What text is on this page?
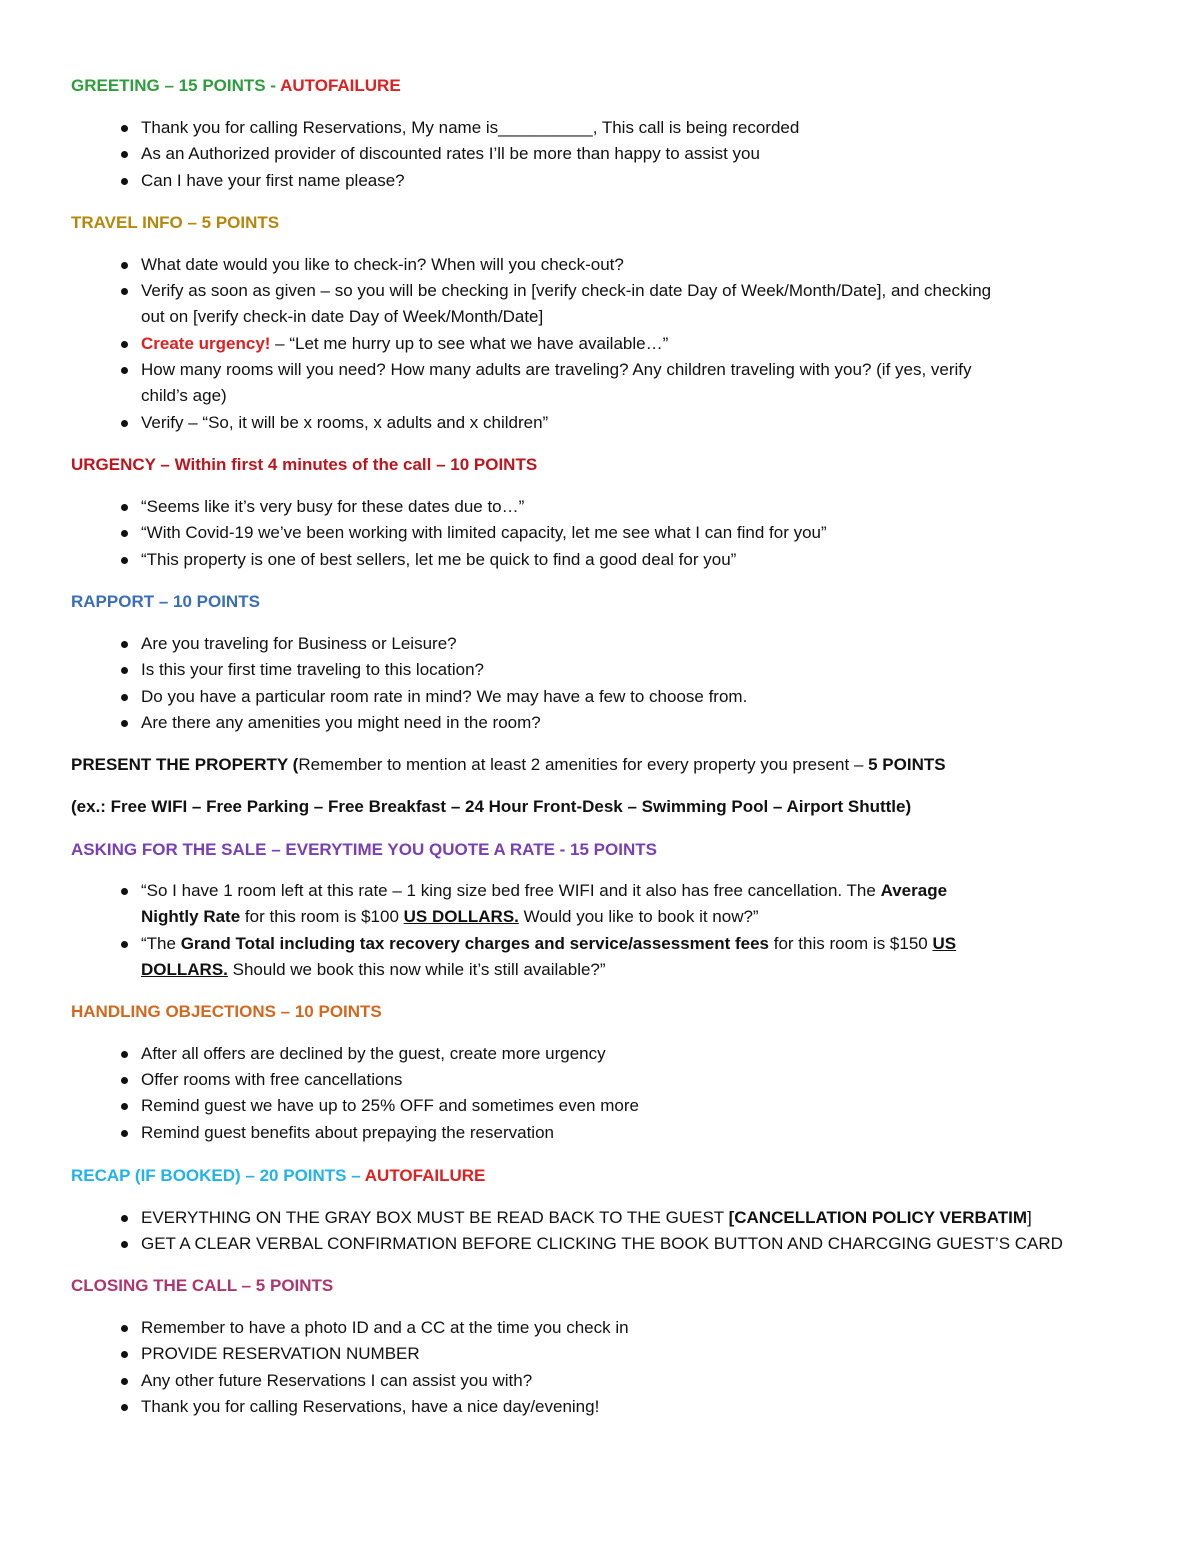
GREETING – 15 POINTS - AUTOFAILURE
Thank you for calling Reservations, My name is__________, This call is being recorded
As an Authorized provider of discounted rates I’ll be more than happy to assist you
Can I have your first name please?
TRAVEL INFO – 5 POINTS
What date would you like to check-in? When will you check-out?
Verify as soon as given – so you will be checking in [verify check-in date Day of Week/Month/Date], and checking
out on [verify check-in date Day of Week/Month/Date]
Create urgency! – “Let me hurry up to see what we have available…”
How many rooms will you need? How many adults are traveling? Any children traveling with you? (if yes, verify
child’s age)
Verify – “So, it will be x rooms, x adults and x children”
URGENCY – Within first 4 minutes of the call – 10 POINTS
“Seems like it’s very busy for these dates due to…”
“With Covid-19 we’ve been working with limited capacity, let me see what I can find for you”
“This property is one of best sellers, let me be quick to find a good deal for you”
RAPPORT – 10 POINTS
Are you traveling for Business or Leisure?
Is this your first time traveling to this location?
Do you have a particular room rate in mind? We may have a few to choose from.
Are there any amenities you might need in the room?
PRESENT THE PROPERTY (Remember to mention at least 2 amenities for every property you present – 5 POINTS
(ex.: Free WIFI – Free Parking – Free Breakfast – 24 Hour Front-Desk – Swimming Pool – Airport Shuttle)
ASKING FOR THE SALE – EVERYTIME YOU QUOTE A RATE - 15 POINTS
“So I have 1 room left at this rate – 1 king size bed free WIFI and it also has free cancellation. The Average
Nightly Rate for this room is $100 US DOLLARS. Would you like to book it now?”
“The Grand Total including tax recovery charges and service/assessment fees for this room is $150 US
DOLLARS. Should we book this now while it’s still available?”
HANDLING OBJECTIONS – 10 POINTS
After all offers are declined by the guest, create more urgency
Offer rooms with free cancellations
Remind guest we have up to 25% OFF and sometimes even more
Remind guest benefits about prepaying the reservation
RECAP (IF BOOKED) – 20 POINTS – AUTOFAILURE
EVERYTHING ON THE GRAY BOX MUST BE READ BACK TO THE GUEST [CANCELLATION POLICY VERBATIM]
GET A CLEAR VERBAL CONFIRMATION BEFORE CLICKING THE BOOK BUTTON AND CHARCGING GUEST’S CARD
CLOSING THE CALL – 5 POINTS
Remember to have a photo ID and a CC at the time you check in
PROVIDE RESERVATION NUMBER
Any other future Reservations I can assist you with?
Thank you for calling Reservations, have a nice day/evening!
